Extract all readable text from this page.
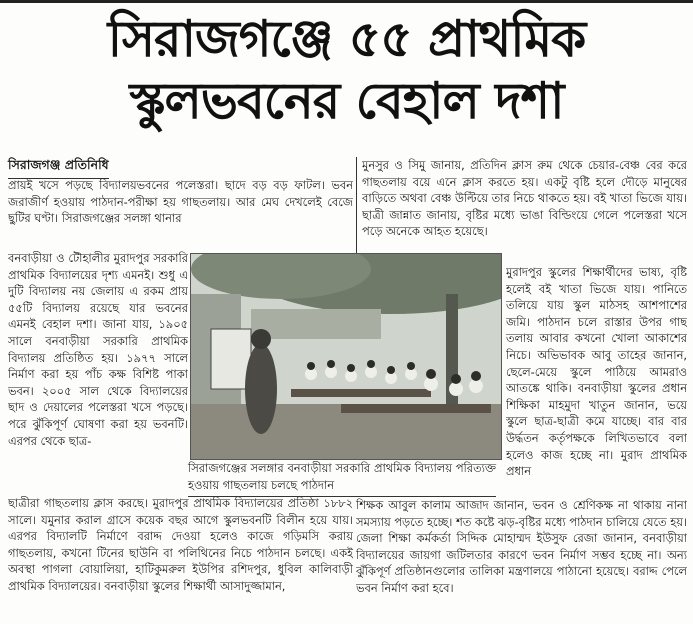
সিরাজগঞ্জে ৫৫ প্রাথমিক
স্কুলভবনের বেহাল দশা
সিরাজগঞ্জ প্রতিনিধি

প্রায়ই খসে পড়ছে বিদ্যালয়ভবনের পলেস্তরা। ছাদে বড় বড় ফাটল। ভবন জরাজীর্ণ হওয়ায় পাঠদান-পরীক্ষা হয় গাছতলায়। আর মেঘ দেখলেই বেজে ছুটির ঘণ্টা। সিরাজগঞ্জের সলঙ্গা থানার

বনবাড়ীয়া ও টৌহালীর মুরাদপুর সরকারি প্রাথমিক বিদ্যালয়ের দৃশ্য এমনই। শুধু এ দুটি বিদ্যালয় নয় জেলায় এ রকম প্রায় ৫৫টি বিদ্যালয় রয়েছে যার ভবনের এমনই বেহাল দশা। জানা যায়, ১৯০৫ সালে বনবাড়ীয়া সরকারি প্রাথমিক বিদ্যালয় প্রতিষ্ঠিত হয়। ১৯৭৭ সালে নির্মাণ করা হয় পাঁচ কক্ষ বিশিষ্ট পাকা ভবন। ২০০৫ সাল থেকে বিদ্যালয়ের ছাদ ও দেয়ালের পলেস্তরা খসে পড়ছে। পরে ঝুঁকিপূর্ণ ঘোষণা করা হয় ভবনটি। এরপর থেকে ছাত্র-

ছাত্রীরা গাছতলায় ক্লাস করছে। মুরাদপুর প্রাথমিক বিদ্যালয়ের প্রতিষ্ঠা ১৮৮২ সালে। যমুনার করাল গ্রাসে কয়েক বছর আগে স্কুলভবনটি বিলীন হয়ে যায়। এরপর বিদ্যালটি নির্মাণে বরাদ্দ দেওয়া হলেও কাজে গড়িমসি করায় গাছতলায়, কখনো টিনের ছাউনি বা পলিথিনের নিচে পাঠদান চলছে। একই অবস্থা পাগলা বোয়ালিয়া, হাটিকুমরুল ইউপির রশিদপুর, ধুবিল কালিবাড়ী প্রাথমিক বিদ্যালয়ের। বনবাড়ীয়া স্কুলের শিক্ষার্থী আসাদুজ্জামান,

মুনসুর ও সিমু জানায়, প্রতিদিন ক্লাস রুম থেকে চেয়ার-বেঞ্চ বের করে গাছতলায় বয়ে এনে ক্লাস করতে হয়। একটু বৃষ্টি হলে দৌড়ে মানুষের বাড়িতে অথবা বেঞ্চ উল্টিয়ে তার নিচে থাকতে হয়। বই খাতা ভিজে যায়। ছাত্রী জান্নাত জানায়, বৃষ্টির মধ্যে ভাঙা বিল্ডিংয়ে গেলে পলেস্তরা খসে পড়ে অনেকে আহত হয়েছে।

মুরাদপুর স্কুলের শিক্ষার্থীদের ভাষ্য, বৃষ্টি হলেই বই খাতা ভিজে যায়। পানিতে তলিয়ে যায় স্কুল মাঠসহ আশপাশের জমি। পাঠদান চলে রাস্তার উপর গাছ তলায় আবার কখনো খোলা আকাশের নিচে। অভিভাবক আবু তাহের জানান, ছেলে-মেয়ে স্কুলে পাঠিয়ে আমরাও আতঙ্কে থাকি। বনবাড়ীয়া স্কুলের প্রধান শিক্ষিকা মাহমুদা খাতুন জানান, ভয়ে স্কুলে ছাত্র-ছাত্রী কমে যাচ্ছে। বার বার উর্দ্ধতন কর্তৃপক্ষকে লিখিতভাবে বলা হলেও কাজ হচ্ছে না। মুরাদ প্রাথমিক প্রধান

শিক্ষক আবুল কালাম আজাদ জানান, ভবন ও শ্রেণিকক্ষ না থাকায় নানা সমস্যায় পড়তে হচ্ছে। শত কষ্টে ঝড়-বৃষ্টির মধ্যে পাঠদান চালিয়ে যেতে হয়। জেলা শিক্ষা কর্মকর্তা সিদ্দিক মোহাম্মদ ইউসুফ রেজা জানান, বনবাড়ীয়া বিদ্যালয়ের জায়গা জটিলতার কারণে ভবন নির্মাণ সম্ভব হচ্ছে না। অন্য ঝুঁকিপূর্ণ প্রতিষ্ঠানগুলোর তালিকা মন্ত্রণালয়ে পাঠানো হয়েছে। বরাদ্দ পেলে ভবন নির্মাণ করা হবে।

সিরাজগঞ্জের সলঙ্গার বনবাড়ীয়া সরকারি প্রাথমিক বিদ্যালয় পরিত্যক্ত হওয়ায় গাছতলায় চলছে পাঠদান
